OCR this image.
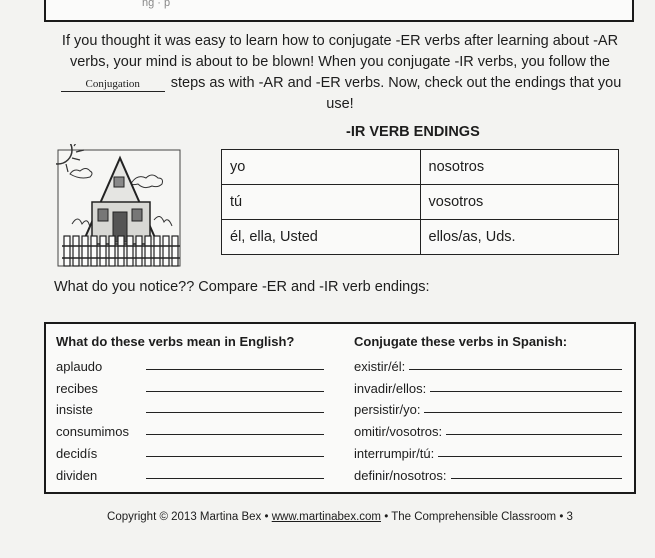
ng · p
If you thought it was easy to learn how to conjugate -ER verbs after learning about -AR verbs, your mind is about to be blown! When you conjugate -IR verbs, you follow the Conjugation steps as with -AR and -ER verbs. Now, check out the endings that you use!
-IR VERB ENDINGS
yo	nosotros
tú	vosotros
él, ella, Usted	ellos/as, Uds.
What do you notice?? Compare -ER and -IR verb endings:
What do these verbs mean in English?
aplaudo
recibes
insiste
consumimos
decidís
dividen
Conjugate these verbs in Spanish:
existir/él:
invadir/ellos:
persistir/yo:
omitir/vosotros:
interrumpir/tú:
definir/nosotros:
Copyright © 2013 Martina Bex • www.martinabex.com • The Comprehensible Classroom • 3
